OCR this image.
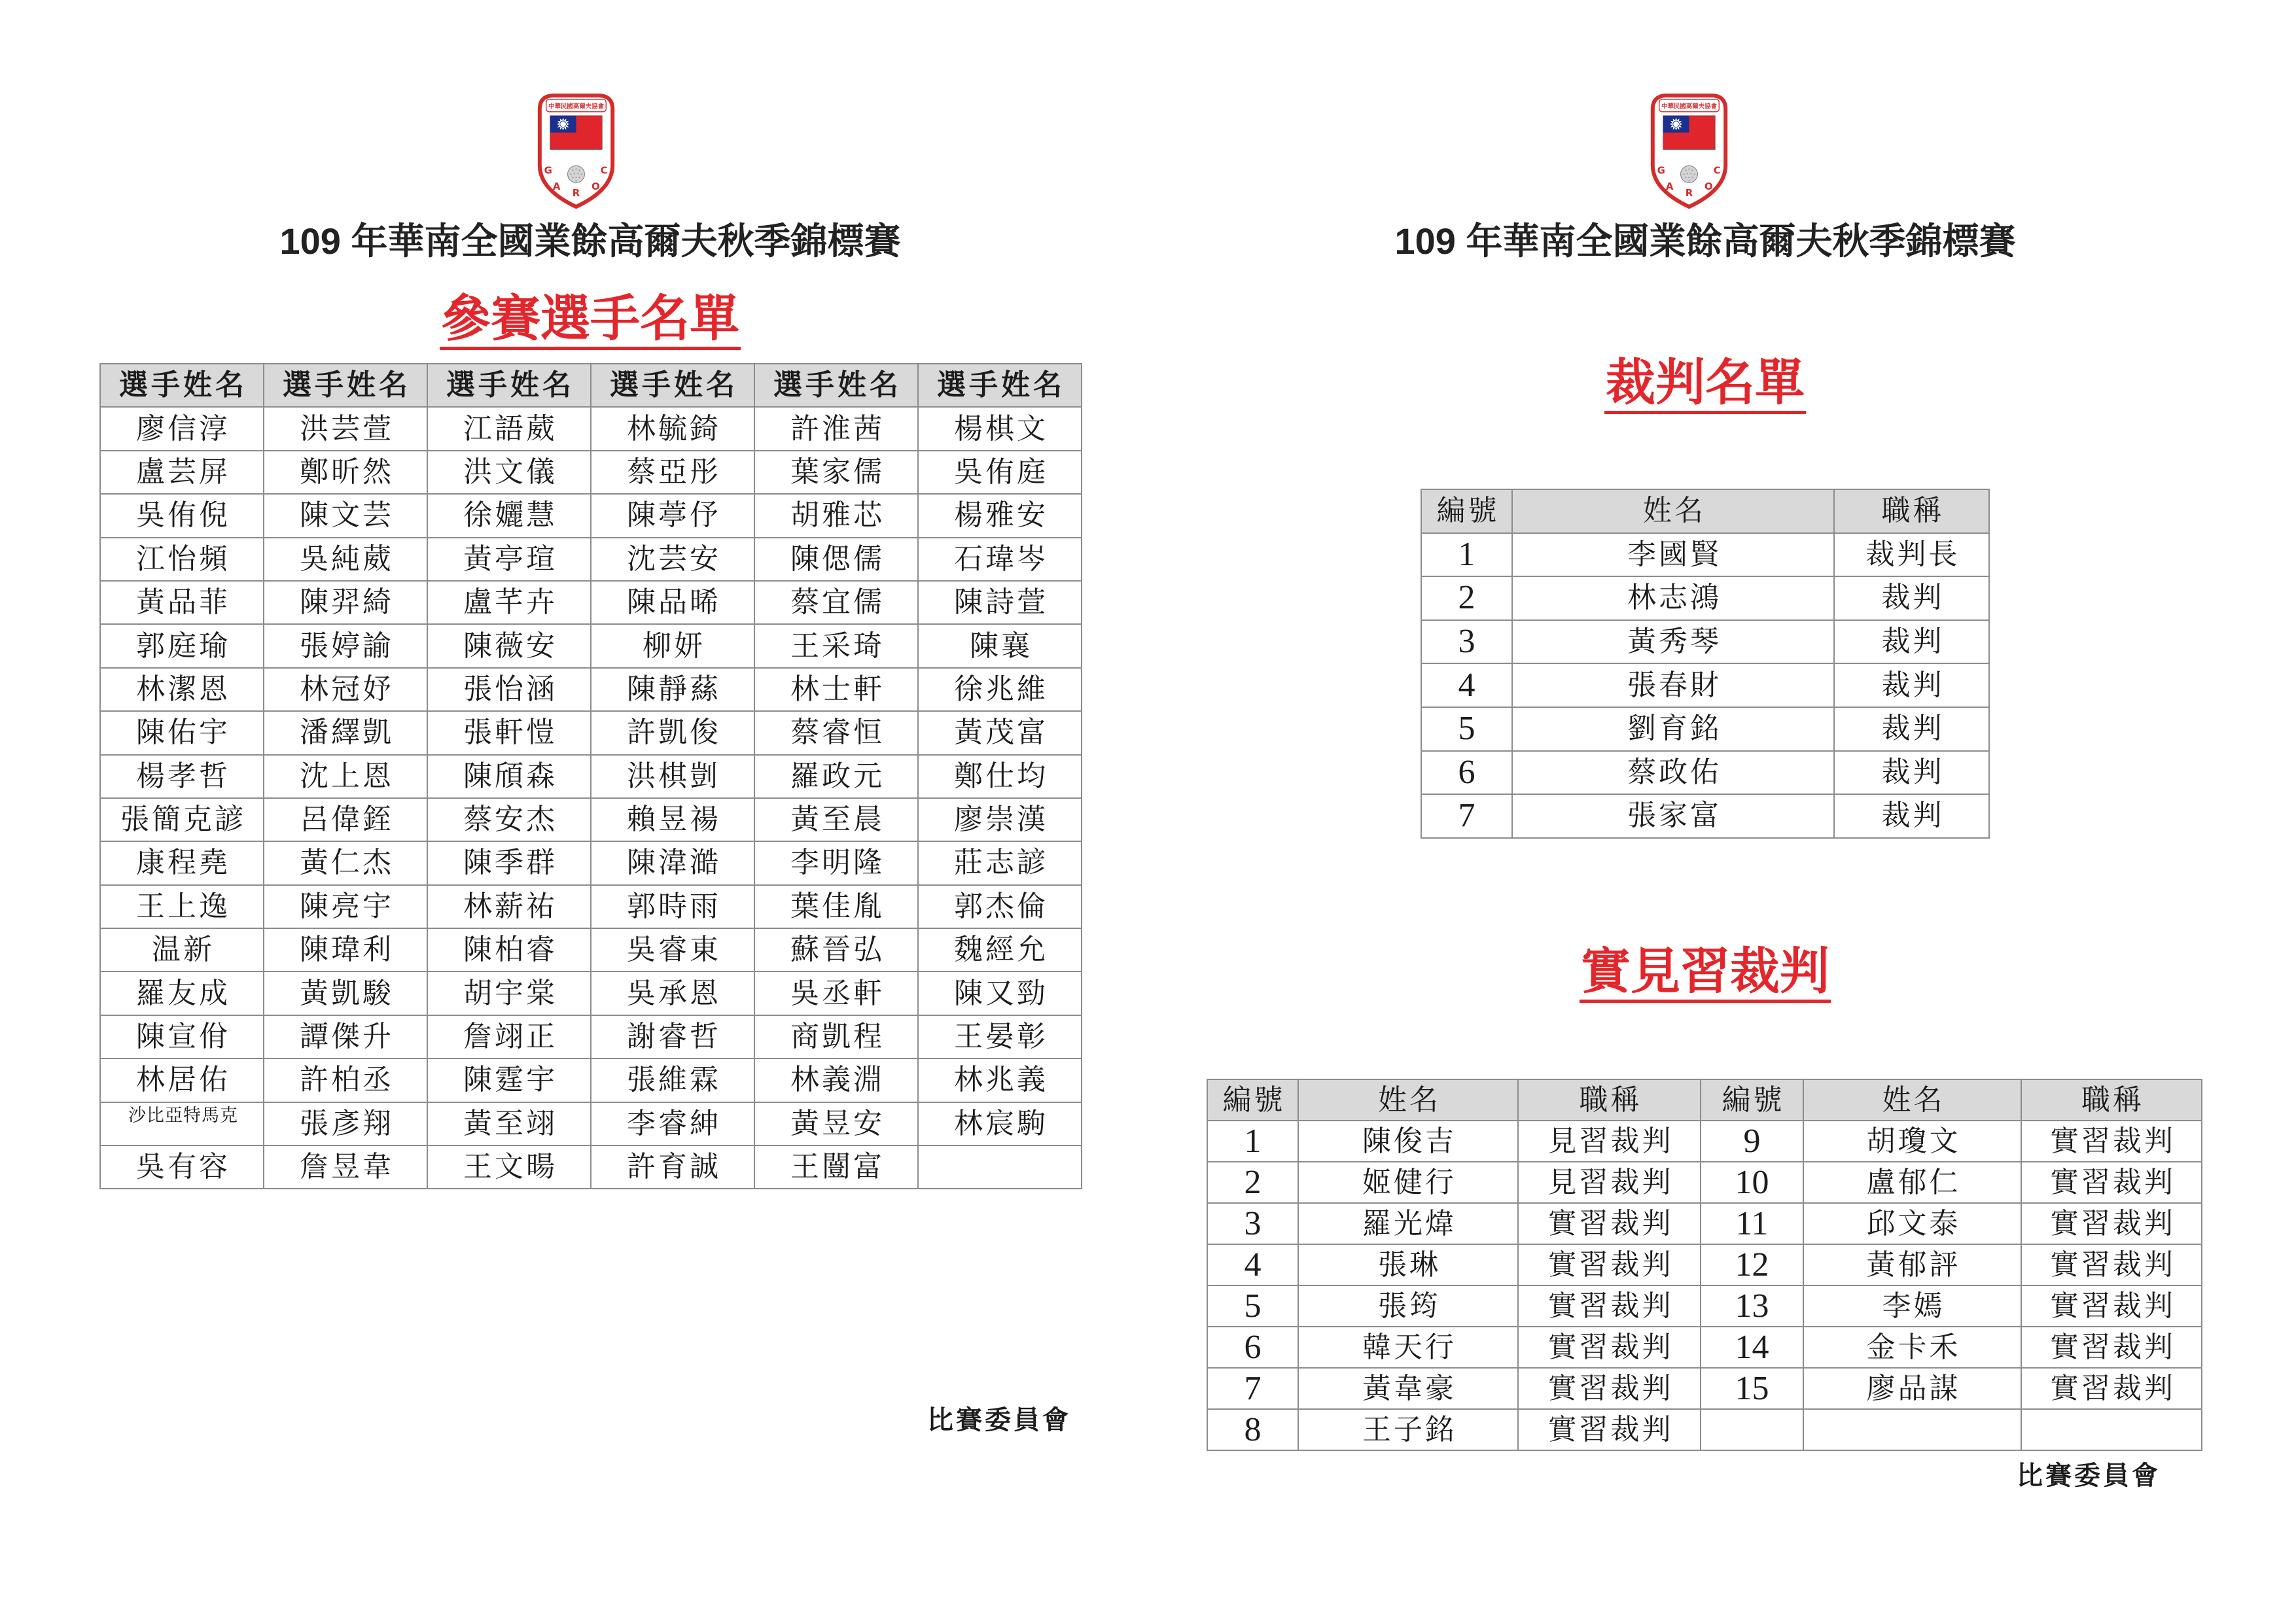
中華民國高爾夫協會
G
A
R
O
C
109 年華南全國業餘高爾夫秋季錦標賽
參賽選手名單
選手姓名	選手姓名	選手姓名	選手姓名	選手姓名	選手姓名
廖信淳	洪芸萱	江語葳	林毓錡	許淮茜	楊棋文
盧芸屏	鄭昕然	洪文儀	蔡亞彤	葉家儒	吳侑庭
吳侑倪	陳文芸	徐孋慧	陳葶伃	胡雅芯	楊雅安
江怡頻	吳純葳	黃亭瑄	沈芸安	陳偲儒	石瑋岑
黃品菲	陳羿綺	盧芊卉	陳品晞	蔡宜儒	陳詩萱
郭庭瑜	張婷諭	陳薇安	柳妍	王采琦	陳襄
林潔恩	林冠妤	張怡涵	陳靜蕬	林士軒	徐兆維
陳佑宇	潘繹凱	張軒愷	許凱俊	蔡睿恒	黃茂富
楊孝哲	沈上恩	陳頎森	洪棋剴	羅政元	鄭仕均
張簡克諺	呂偉銍	蔡安杰	賴昱禓	黃至晨	廖崇漢
康程堯	黃仁杰	陳季群	陳湋澔	李明隆	莊志諺
王上逸	陳亮宇	林薪祐	郭時雨	葉佳胤	郭杰倫
温新	陳瑋利	陳柏睿	吳睿東	蘇晉弘	魏經允
羅友成	黃凱駿	胡宇棠	吳承恩	吳丞軒	陳又勁
陳宣佾	譚傑升	詹翊正	謝睿哲	商凱程	王晏彰
林居佑	許柏丞	陳霆宇	張維霖	林義淵	林兆義
沙比亞特馬克	張彥翔	黃至翊	李睿紳	黃昱安	林宸駒
吳有容	詹昱韋	王文暘	許育誠	王闓富	
比賽委員會
中華民國高爾夫協會
G
A
R
O
C
109 年華南全國業餘高爾夫秋季錦標賽
裁判名單
編號	姓名	職稱
1	李國賢	裁判長
2	林志鴻	裁判
3	黃秀琴	裁判
4	張春財	裁判
5	劉育銘	裁判
6	蔡政佑	裁判
7	張家富	裁判
實見習裁判
編號	姓名	職稱	編號	姓名	職稱
1	陳俊吉	見習裁判	9	胡瓊文	實習裁判
2	姬健行	見習裁判	10	盧郁仁	實習裁判
3	羅光煒	實習裁判	11	邱文泰	實習裁判
4	張琳	實習裁判	12	黃郁評	實習裁判
5	張筠	實習裁判	13	李嫣	實習裁判
6	韓天行	實習裁判	14	金卡禾	實習裁判
7	黃韋豪	實習裁判	15	廖品謀	實習裁判
8	王子銘	實習裁判			
比賽委員會
